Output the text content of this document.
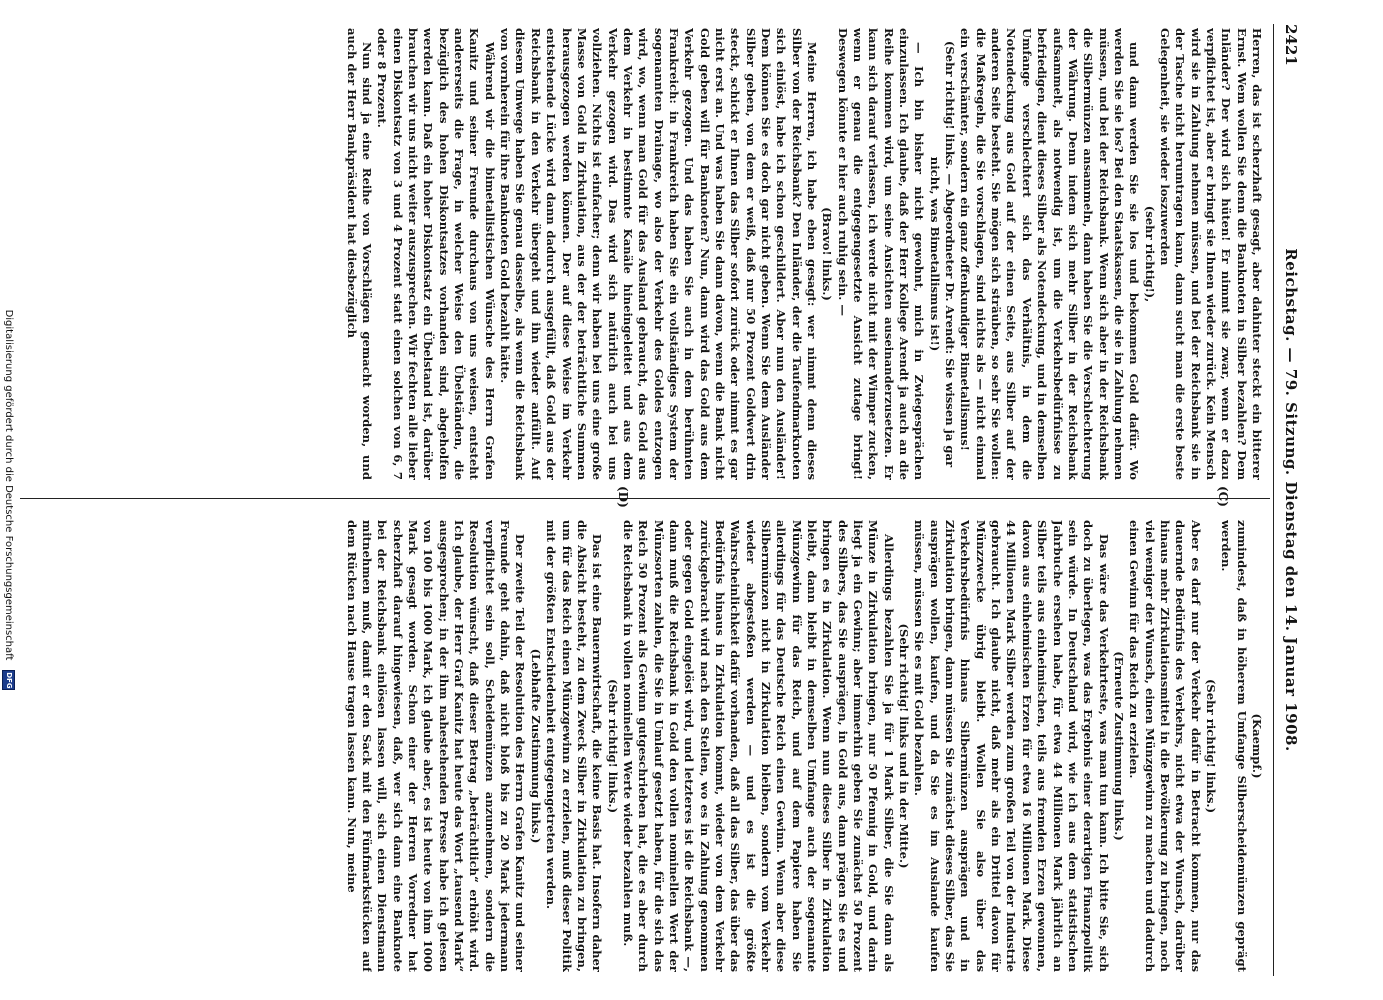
2421
Reichstag. — 79. Sitzung. Dienstag den 14. Januar 1908.
(C)
(D)

Herren, das ist scherzhaft gesagt, aber dahinter steckt ein bitterer Ernst. Wem wollen Sie denn die Banknoten in Silber bezahlen? Dem Inländer? Der wird sich hüten! Er nimmt sie zwar, wenn er dazu verpflichtet ist, aber er bringt sie Ihnen wieder zurück. Kein Mensch wird sie in Zahlung nehmen müssen, und bei der Reichsbank sie in der Tasche nicht herumtragen kann, dann sucht man die erste beste Gelegenheit, sie wieder loszuwerden

(sehr richtig!),

und dann werden Sie sie los und bekommen Gold dafür. Wo werden Sie sie los? Bei den Staatskassen, die sie in Zahlung nehmen müssen, und bei der Reichsbank. Wenn sich aber in der Reichsbank die Silbermünzen ansammeln, dann haben Sie die Verschlechterung der Währung. Denn indem sich mehr Silber in der Reichsbank aufsammelt, als notwendig ist, um die Verkehrsbedürfnisse zu befriedigen, dient dieses Silber als Notendeckung, und in demselben Umfange verschlechtert sich das Verhältnis, in dem die Notendeckung aus Gold auf der einen Seite, aus Silber auf der anderen Seite besteht. Sie mögen sich sträuben, so sehr Sie wollen: die Maßregeln, die Sie vorschlagen, sind nichts als — nicht einmal ein verschämter, sondern ein ganz offenkundiger Bimetallismus!

(Sehr richtig! links. — Abgeordneter Dr. Arendt: Sie wissen ja gar nicht, was Bimetallismus ist!)

— Ich bin bisher nicht gewohnt, mich in Zwiegesprächen einzulassen. Ich glaube, daß der Herr Kollege Arendt ja auch an die Reihe kommen wird, um seine Ansichten auseinanderzusetzen. Er kann sich darauf verlassen, ich werde nicht mit der Wimper zucken, wenn er genau die entgegengesetzte Ansicht zutage bringt! Deswegen könnte er hier auch ruhig sein. —

(Bravo! links.)

Meine Herren, ich habe eben gesagt: wer nimmt denn dieses Silber von der Reichsbank? Den Inländer, der die Taufendmarknoten sich einlöst, habe ich schon geschildert. Aber nun den Ausländer! Dem können Sie es doch gar nicht geben. Wenn Sie dem Ausländer Silber geben, von dem er weiß, daß nur 50 Prozent Goldwert drin steckt, schickt er Ihnen das Silber sofort zurück oder nimmt es gar nicht erst an. Und was haben Sie dann davon, wenn die Bank nicht Gold geben will für Banknoten? Nun, dann wird das Gold aus dem Verkehr gezogen. Und das haben Sie auch in dem berühmten Frankreich: in Frankreich haben Sie ein vollständiges System der sogenannten Drainage, wo also der Verkehr des Goldes entzogen wird, wo, wenn man Gold für das Ausland gebraucht, das Gold aus dem Verkehr in bestimmte Kanäle hineingeleitet und aus dem Verkehr gezogen wird. Das wird sich natürlich auch bei uns vollziehen. Nichts ist einfacher; denn wir haben bei uns eine große Masse von Gold in Zirkulation, aus der der beträchtliche Summen herausgezogen werden können. Der auf diese Weise im Verkehr entstehende Lücke wird dann dadurch ausgefüllt, daß Gold aus der Reichsbank in den Verkehr übergeht und ihn wieder anfüllt. Auf diesem Umwege haben Sie genau dasselbe, als wenn die Reichsbank von vornherein für ihre Banknoten Gold bezahlt hätte.

Während wir die bimetallistischen Wünsche des Herrn Grafen Kanitz und seiner Freunde durchaus von uns weisen, entsteht andererseits die Frage, in welcher Weise den Übelständen, die bezüglich des hohen Diskontsatzes vorhanden sind, abgeholfen werden kann. Daß ein hoher Diskontsatz ein Übelstand ist, darüber brauchen wir uns nicht weiter auszusprechen. Wir fechten alle lieber einen Diskontsatz von 3 und 4 Prozent statt einen solchen von 6, 7 oder 8 Prozent.

Nun sind ja eine Reihe von Vorschlägen gemacht worden, und auch der Herr Bankpräsident hat diesbezüglich

(Kaempf.)

zumindest, daß in höherem Umfange Silberscheidemünzen geprägt werden.

(Sehr richtig! links.)

Aber es darf nur der Verkehr dafür in Betracht kommen, nur das dauernde Bedürfnis des Verkehrs, nicht etwa der Wunsch, darüber hinaus mehr Zirkulationsmittel in die Bevölkerung zu bringen, noch viel weniger der Wunsch, einen Münzgewinn zu machen und dadurch einen Gewinn für das Reich zu erzielen.

(Erneute Zustimmung links.)

Das wäre das Verkehrteste, was man tun kann. Ich bitte Sie, sich doch zu überlegen, was das Ergebnis einer derartigen Finanzpolitik sein würde. In Deutschland wird, wie ich aus dem statistischen Jahrbuche ersehen habe, für etwa 44 Millionen Mark jährlich an Silber teils aus einheimischen, teils aus fremden Erzen gewonnen, davon aus einheimischen Erzen für etwa 16 Millionen Mark. Diese 44 Millionen Mark Silber werden zum großen Teil von der Industrie gebraucht. Ich glaube nicht, daß mehr als ein Drittel davon für Münzzwecke übrig bleibt. Wollen Sie also über das Verkehrsbedürfnis hinaus Silbermünzen ausprägen und in Zirkulation bringen, dann müssen Sie zunächst dieses Silber, das Sie ausprägen wollen, kaufen, und da Sie es im Auslande kaufen müssen, müssen Sie es mit Gold bezahlen.

(Sehr richtig! links und in der Mitte.)

Allerdings bezahlen Sie ja für 1 Mark Silber, die Sie dann als Münze in Zirkulation bringen, nur 50 Pfennig in Gold, und darin liegt ja ein Gewinn; aber immerhin geben Sie zunächst 50 Prozent des Silbers, das Sie ausprägen, in Gold aus, dann prägen Sie es und bringen es in Zirkulation. Wenn nun dieses Silber in Zirkulation bleibt, dann bleibt in demselben Umfange auch der sogenannte Münzgewinn für das Reich, und auf dem Papiere haben Sie allerdings für das Deutsche Reich einen Gewinn. Wenn aber diese Silbermünzen nicht in Zirkulation bleiben, sondern vom Verkehr wieder abgestoßen werden — und es ist die größte Wahrscheinlichkeit dafür vorhanden, daß all das Silber, das über das Bedürfnis hinaus in Zirkulation kommt, wieder von dem Verkehr zurückgebracht wird nach den Stellen, wo es in Zahlung genommen oder gegen Gold eingelöst wird, und letzteres ist die Reichsbank —, dann muß die Reichsbank in Gold den vollen nominellen Wert der Münzsorten zahlen, die Sie in Umlauf gesetzt haben, für die sich das Reich 50 Prozent als Gewinn gutgeschrieben hat, die es aber durch die Reichsbank in vollen nominellen Werte wieder bezahlen muß.

(Sehr richtig! links.)

Das ist eine Bauernwirtschaft, die keine Basis hat. Insofern daher die Absicht besteht, zu dem Zweck Silber in Zirkulation zu bringen, um für das Reich einen Münzgewinn zu erzielen, muß dieser Politik mit der größten Entschiedenheit entgegengetreten werden.

(Lebhafte Zustimmung links.)

Der zweite Teil der Resolution des Herrn Grafen Kanitz und seiner Freunde geht dahin, daß nicht bloß bis zu 20 Mark jedermann verpflichtet sein soll, Scheidemünzen anzunehmen, sondern die Resolution wünscht, daß dieser Betrag „beträchtlich“ erhöht wird. Ich glaube, der Herr Graf Kanitz hat heute das Wort „tausend Mark“ ausgesprochen; in der ihm nahestehenden Presse habe ich gelesen von 100 bis 1000 Mark, ich glaube aber, es ist heute von ihm 1000 Mark gesagt worden. Schon einer der Herren Vorredner hat scherzhaft darauf hingewiesen, daß, wer sich dann eine Banknote bei der Reichsbank einlösen lassen will, sich einen Dienstmann mitnehmen muß, damit er den Sack mit den Fünfmarkstücken auf dem Rücken nach Hause tragen lassen kann. Nun, meine

Digitalisierung gefördert durch die Deutsche Forschungsgemeinschaft
DFG
